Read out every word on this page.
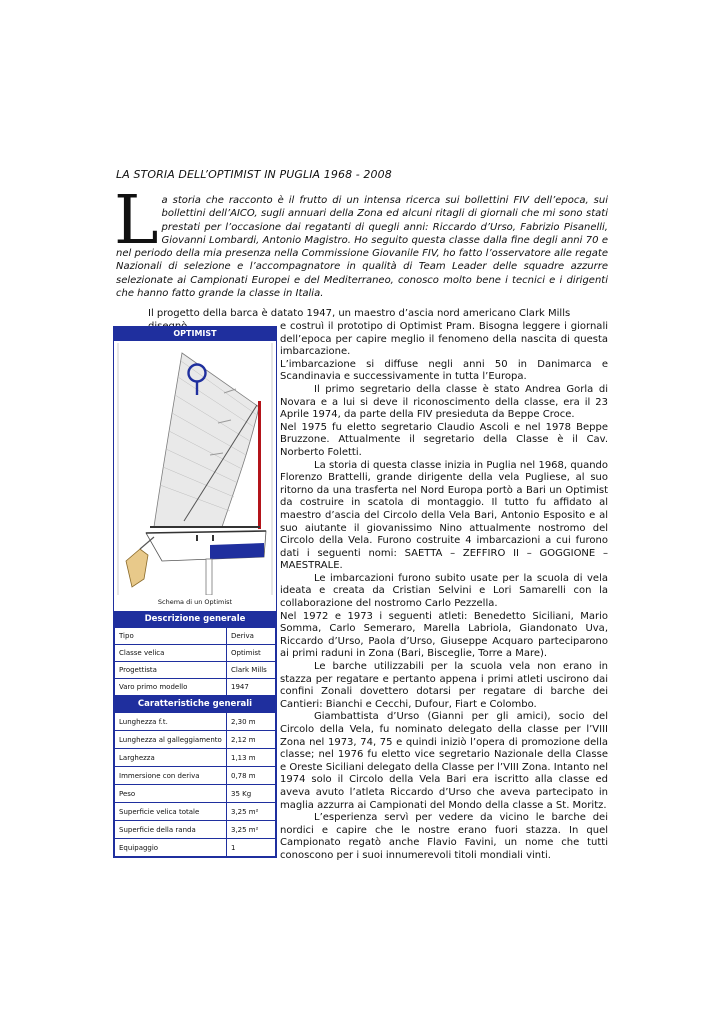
LA STORIA DELL’OPTIMIST IN PUGLIA 1968 - 2008
La storia che racconto è il frutto di un intensa ricerca sui bollettini FIV dell’epoca, sui bollettini dell’AICO, sugli annuari della Zona ed alcuni ritagli di giornali che mi sono stati prestati per l’occasione dai regatanti di quegli anni: Riccardo d’Urso, Fabrizio Pisanelli, Giovanni Lombardi, Antonio Magistro. Ho seguito questa classe dalla fine degli anni 70 e nel periodo della mia presenza nella Commissione Giovanile FIV, ho fatto l’osservatore alle regate Nazionali di selezione e l’accompagnatore in qualità di Team Leader delle squadre azzurre selezionate ai Campionati Europei e del Mediterraneo, conosco molto bene i tecnici e i dirigenti che hanno fatto grande la classe in Italia.
Il progetto della barca è datato 1947, un maestro d’ascia nord americano Clark Mills

e costruì il prototipo di Optimist Pram. Bisogna leggere i giornali dell’epoca per capire meglio il fenomeno della nascita di questa imbarcazione.

L’imbarcazione si diffuse negli anni 50 in Danimarca e Scandinavia e successivamente in tutta l’Europa.

Il primo segretario della classe è stato Andrea Gorla di Novara e a lui si deve il riconoscimento della classe, era il 23 Aprile 1974, da parte della FIV presieduta da Beppe Croce.

Nel 1975 fu eletto segretario Claudio Ascoli e nel 1978 Beppe Bruzzone. Attualmente il segretario della Classe è il Cav. Norberto Foletti.

La storia di questa classe inizia in Puglia nel 1968, quando Florenzo Brattelli, grande dirigente della vela Pugliese, al suo ritorno da una trasferta nel Nord Europa portò a Bari un Optimist da costruire in scatola di montaggio. Il tutto fu affidato al maestro d’ascia del Circolo della Vela Bari, Antonio Esposito e al suo aiutante il giovanissimo Nino attualmente nostromo del Circolo della Vela. Furono costruite 4 imbarcazioni a cui furono dati i seguenti nomi: SAETTA – ZEFFIRO II – GOGGIONE – MAESTRALE.

Le imbarcazioni furono subito usate per la scuola di vela ideata e creata da Cristian Selvini e Lori Samarelli con la collaborazione del nostromo Carlo Pezzella.

Nel 1972 e 1973 i seguenti atleti: Benedetto Siciliani, Mario Somma, Carlo Semeraro, Marella Labriola, Giandonato Uva, Riccardo d’Urso, Paola d’Urso, Giuseppe Acquaro parteciparono ai primi raduni in Zona (Bari, Bisceglie, Torre a Mare).

Le barche utilizzabili per la scuola vela non erano in stazza per regatare e pertanto appena i primi atleti uscirono dai confini Zonali dovettero dotarsi per regatare di barche dei Cantieri: Bianchi e Cecchi, Dufour, Fiart e Colombo.

Giambattista d’Urso (Gianni per gli amici), socio del Circolo della Vela, fu nominato delegato della classe per l’VIII Zona nel 1973, 74, 75 e quindi iniziò l’opera di promozione della classe; nel 1976 fu eletto vice segretario Nazionale della Classe e Oreste Siciliani delegato della Classe per l’VIII Zona. Intanto nel 1974 solo il Circolo della Vela Bari era iscritto alla classe ed aveva avuto l’atleta Riccardo d’Urso che aveva partecipato in maglia azzurra ai Campionati del Mondo della classe a St. Moritz.

L’esperienza servì per vedere da vicino le barche dei nordici e capire che le nostre erano fuori stazza. In quel Campionato regatò anche Flavio Favini, un nome che tutti conoscono per i suoi innumerevoli titoli mondiali vinti.

OPTIMIST
Schema di un Optimist
Descrizione generale
Tipo	Deriva
Classe velica	Optimist
Progettista	Clark Mills
Varo primo modello	1947
Caratteristiche generali
Lunghezza f.t.	2,30 m
Lunghezza al galleggiamento	2,12 m
Larghezza	1,13 m
Immersione con deriva	0,78 m
Peso	35 Kg
Superficie velica totale	3,25 m²
Superficie della randa	3,25 m²
Equipaggio	1
